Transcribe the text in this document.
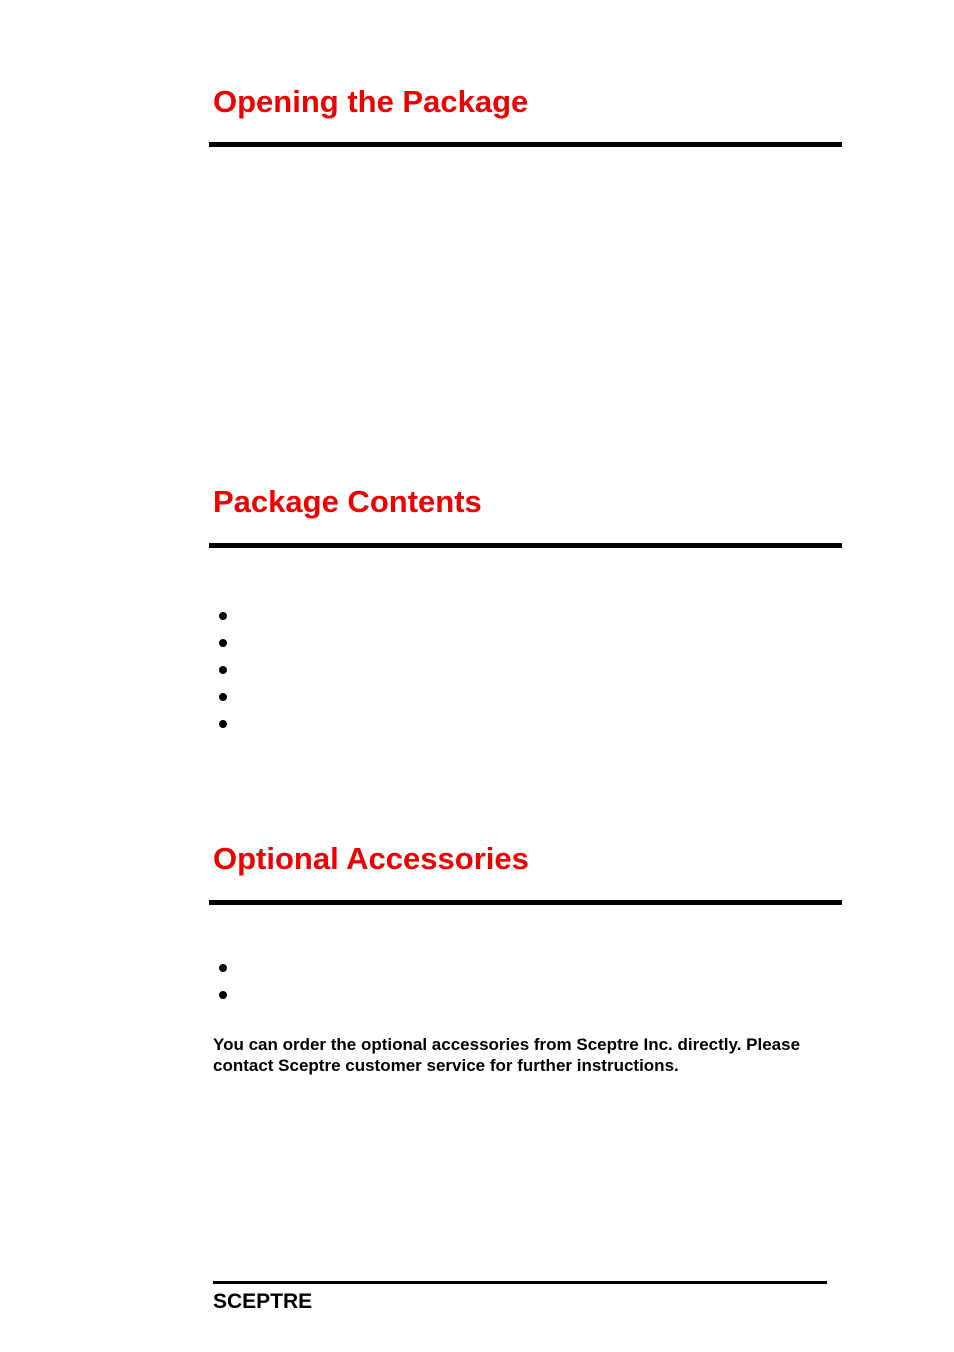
Opening the Package
Package Contents
Optional Accessories

You can order the optional accessories from Sceptre Inc. directly. Please contact Sceptre customer service for further instructions.

SCEPTRE
